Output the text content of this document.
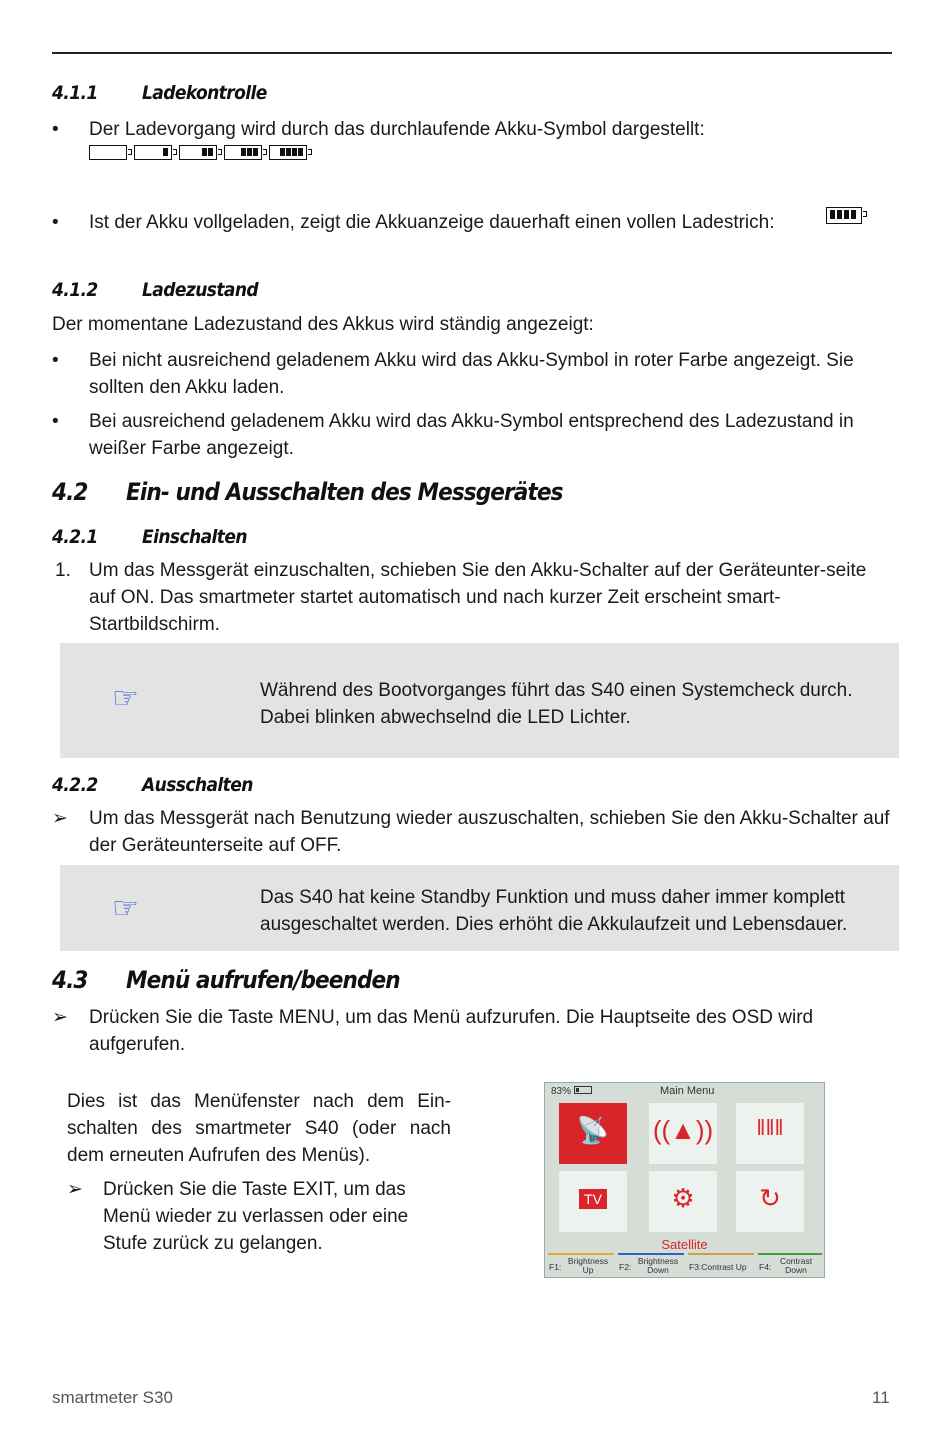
4.1.1 Ladekontrolle
•	Der Ladevorgang wird durch das durchlaufende Akku-Symbol dargestellt:
•	Ist der Akku vollgeladen, zeigt die Akkuanzeige dauerhaft einen vollen Ladestrich:
4.1.2 Ladezustand
Der momentane Ladezustand des Akkus wird ständig angezeigt:
•	Bei nicht ausreichend geladenem Akku wird das Akku-Symbol in roter Farbe angezeigt. Sie sollten den Akku laden.
•	Bei ausreichend geladenem Akku wird das Akku-Symbol entsprechend des Ladezustand in weißer Farbe angezeigt.
4.2 Ein- und Ausschalten des Messgerätes
4.2.1 Einschalten
1. Um das Messgerät einzuschalten, schieben Sie den Akku-Schalter auf der Geräteunter-seite auf ON. Das smartmeter startet automatisch und nach kurzer Zeit erscheint smart-Startbildschirm.
☞	Während des Bootvorganges führt das S40 einen Systemcheck durch. Dabei blinken abwechselnd die LED Lichter.
4.2.2 Ausschalten
➢	Um das Messgerät nach Benutzung wieder auszuschalten, schieben Sie den Akku-Schalter auf der Geräteunterseite auf OFF.
☞	Das S40 hat keine Standby Funktion und muss daher immer komplett ausgeschaltet werden. Dies erhöht die Akkulaufzeit und Lebensdauer.
4.3 Menü aufrufen/beenden
➢	Drücken Sie die Taste MENU, um das Menü aufzurufen. Die Hauptseite des OSD wird aufgerufen.
Dies ist das Menüfenster nach dem Ein-schalten des smartmeter S40 (oder nach dem erneuten Aufrufen des Menüs).
➢ Drücken Sie die Taste EXIT, um das Menü wieder zu verlassen oder eine Stufe zurück zu gelangen.
83%	Main Menu
📡	((▲))	‖‖‖
TV	⚙	↻
Satellite
F1:
Brightness Up	F2:
Brightness Down	F3:Contrast Up F4:
Contrast Down
smartmeter S30	11
